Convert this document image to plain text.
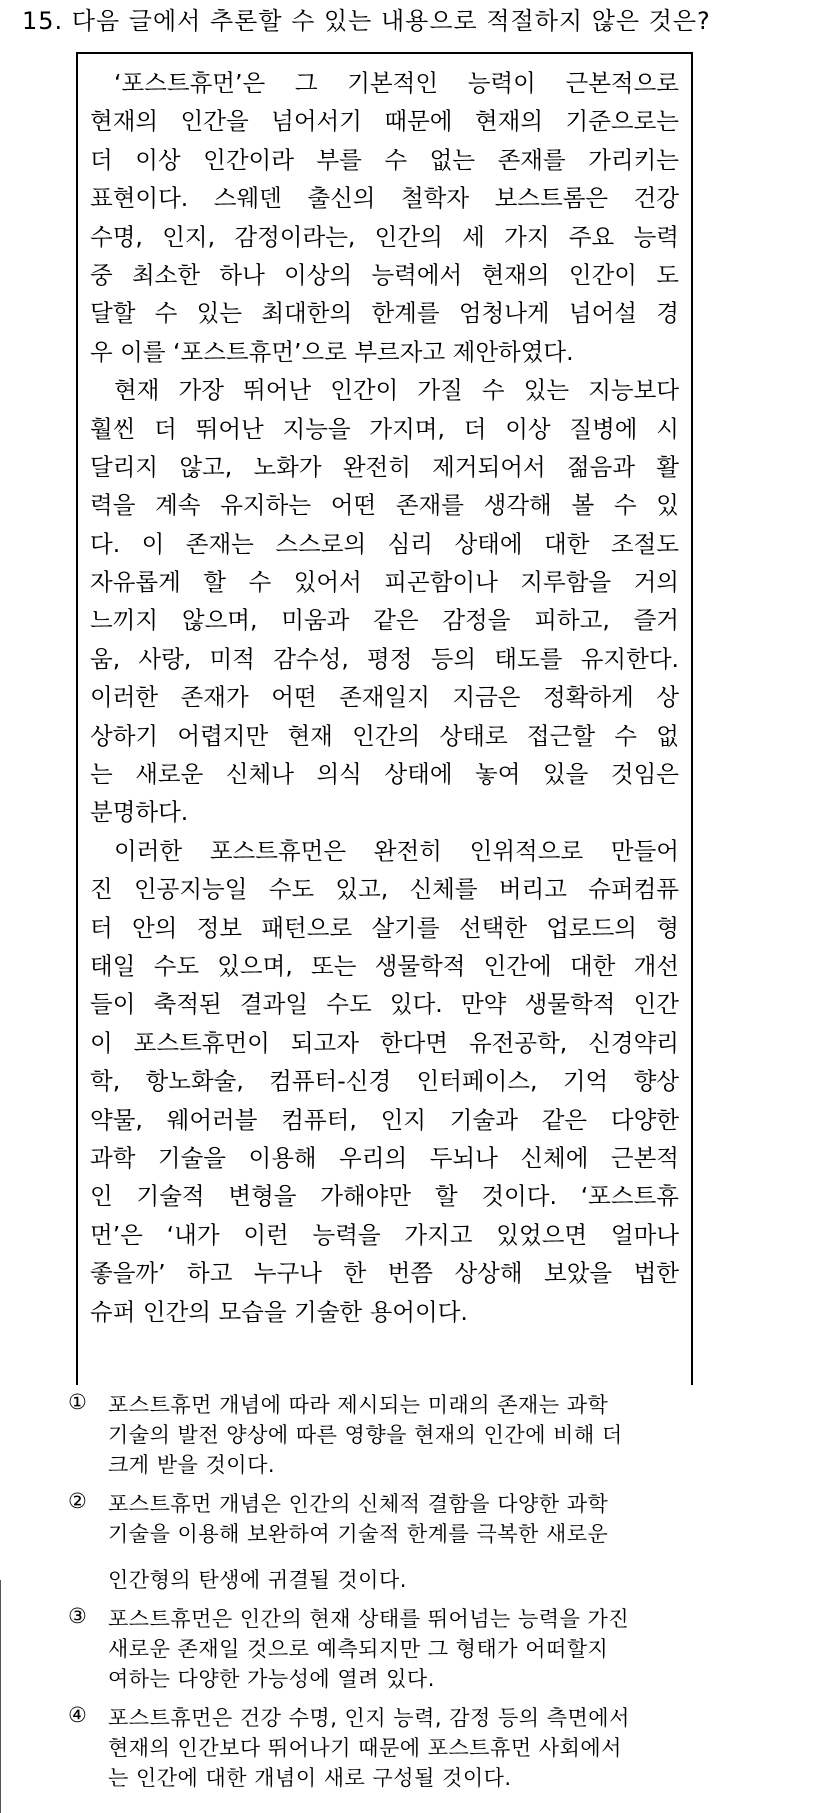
15. 다음 글에서 추론할 수 있는 내용으로 적절하지 않은 것은?
‘포스트휴먼’은 그 기본적인 능력이 근본적으로
현재의 인간을 넘어서기 때문에 현재의 기준으로는
더 이상 인간이라 부를 수 없는 존재를 가리키는
표현이다. 스웨덴 출신의 철학자 보스트롬은 건강
수명, 인지, 감정이라는, 인간의 세 가지 주요 능력
중 최소한 하나 이상의 능력에서 현재의 인간이 도
달할 수 있는 최대한의 한계를 엄청나게 넘어설 경
우 이를 ‘포스트휴먼’으로 부르자고 제안하였다.
현재 가장 뛰어난 인간이 가질 수 있는 지능보다
훨씬 더 뛰어난 지능을 가지며, 더 이상 질병에 시
달리지 않고, 노화가 완전히 제거되어서 젊음과 활
력을 계속 유지하는 어떤 존재를 생각해 볼 수 있
다. 이 존재는 스스로의 심리 상태에 대한 조절도
자유롭게 할 수 있어서 피곤함이나 지루함을 거의
느끼지 않으며, 미움과 같은 감정을 피하고, 즐거
움, 사랑, 미적 감수성, 평정 등의 태도를 유지한다.
이러한 존재가 어떤 존재일지 지금은 정확하게 상
상하기 어렵지만 현재 인간의 상태로 접근할 수 없
는 새로운 신체나 의식 상태에 놓여 있을 것임은
분명하다.
이러한 포스트휴먼은 완전히 인위적으로 만들어
진 인공지능일 수도 있고, 신체를 버리고 슈퍼컴퓨
터 안의 정보 패턴으로 살기를 선택한 업로드의 형
태일 수도 있으며, 또는 생물학적 인간에 대한 개선
들이 축적된 결과일 수도 있다. 만약 생물학적 인간
이 포스트휴먼이 되고자 한다면 유전공학, 신경약리
학, 항노화술, 컴퓨터-신경 인터페이스, 기억 향상
약물, 웨어러블 컴퓨터, 인지 기술과 같은 다양한
과학 기술을 이용해 우리의 두뇌나 신체에 근본적
인 기술적 변형을 가해야만 할 것이다. ‘포스트휴
먼’은 ‘내가 이런 능력을 가지고 있었으면 얼마나
좋을까’ 하고 누구나 한 번쯤 상상해 보았을 법한
슈퍼 인간의 모습을 기술한 용어이다.
①	포스트휴먼 개념에 따라 제시되는 미래의 존재는 과학
기술의 발전 양상에 따른 영향을 현재의 인간에 비해 더
크게 받을 것이다.
②	포스트휴먼 개념은 인간의 신체적 결함을 다양한 과학
기술을 이용해 보완하여 기술적 한계를 극복한 새로운
인간형의 탄생에 귀결될 것이다.
③	포스트휴먼은 인간의 현재 상태를 뛰어넘는 능력을 가진
새로운 존재일 것으로 예측되지만 그 형태가 어떠할지
여하는 다양한 가능성에 열려 있다.
④	포스트휴먼은 건강 수명, 인지 능력, 감정 등의 측면에서
현재의 인간보다 뛰어나기 때문에 포스트휴먼 사회에서
는 인간에 대한 개념이 새로 구성될 것이다.
